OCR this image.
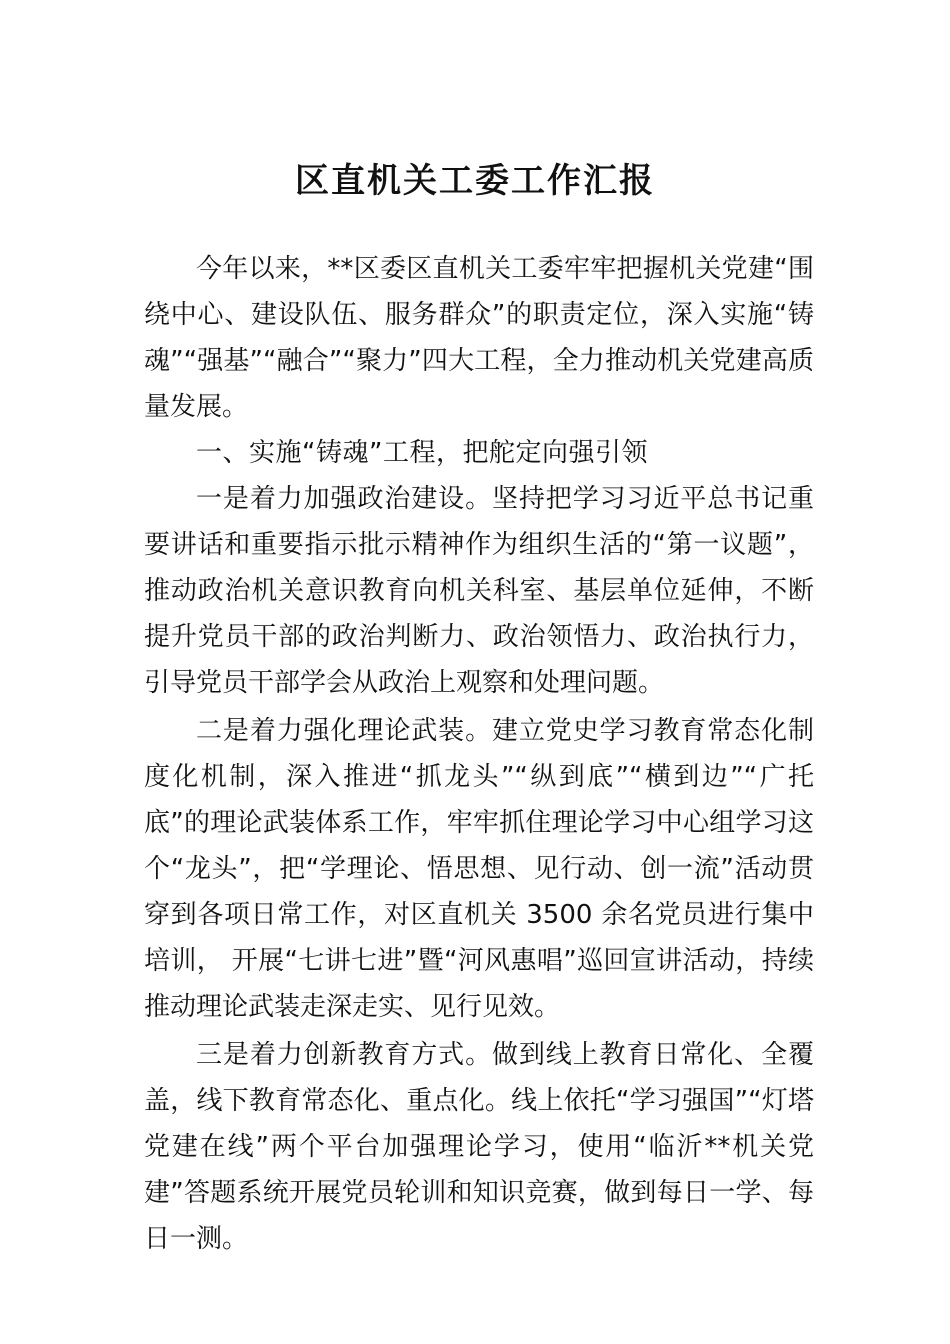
区直机关工委工作汇报

今年以来，**区委区直机关工委牢牢把握机关党建“围绕中心、建设队伍、服务群众”的职责定位，深入实施“铸魂”“强基”“融合”“聚力”四大工程，全力推动机关党建高质量发展。

一、实施“铸魂”工程，把舵定向强引领

一是着力加强政治建设。坚持把学习习近平总书记重要讲话和重要指示批示精神作为组织生活的“第一议题”，推动政治机关意识教育向机关科室、基层单位延伸，不断提升党员干部的政治判断力、政治领悟力、政治执行力，引导党员干部学会从政治上观察和处理问题。

二是着力强化理论武装。建立党史学习教育常态化制度化机制，深入推进“抓龙头”“纵到底”“横到边”“广托底”的理论武装体系工作，牢牢抓住理论学习中心组学习这个“龙头”，把“学理论、悟思想、见行动、创一流”活动贯穿到各项日常工作，对区直机关 3500 余名党员进行集中培训， 开展“七讲七进”暨“河风惠唱”巡回宣讲活动，持续推动理论武装走深走实、见行见效。

三是着力创新教育方式。做到线上教育日常化、全覆盖，线下教育常态化、重点化。线上依托“学习强国”“灯塔党建在线”两个平台加强理论学习，使用“临沂**机关党建”答题系统开展党员轮训和知识竞赛，做到每日一学、每日一测。
